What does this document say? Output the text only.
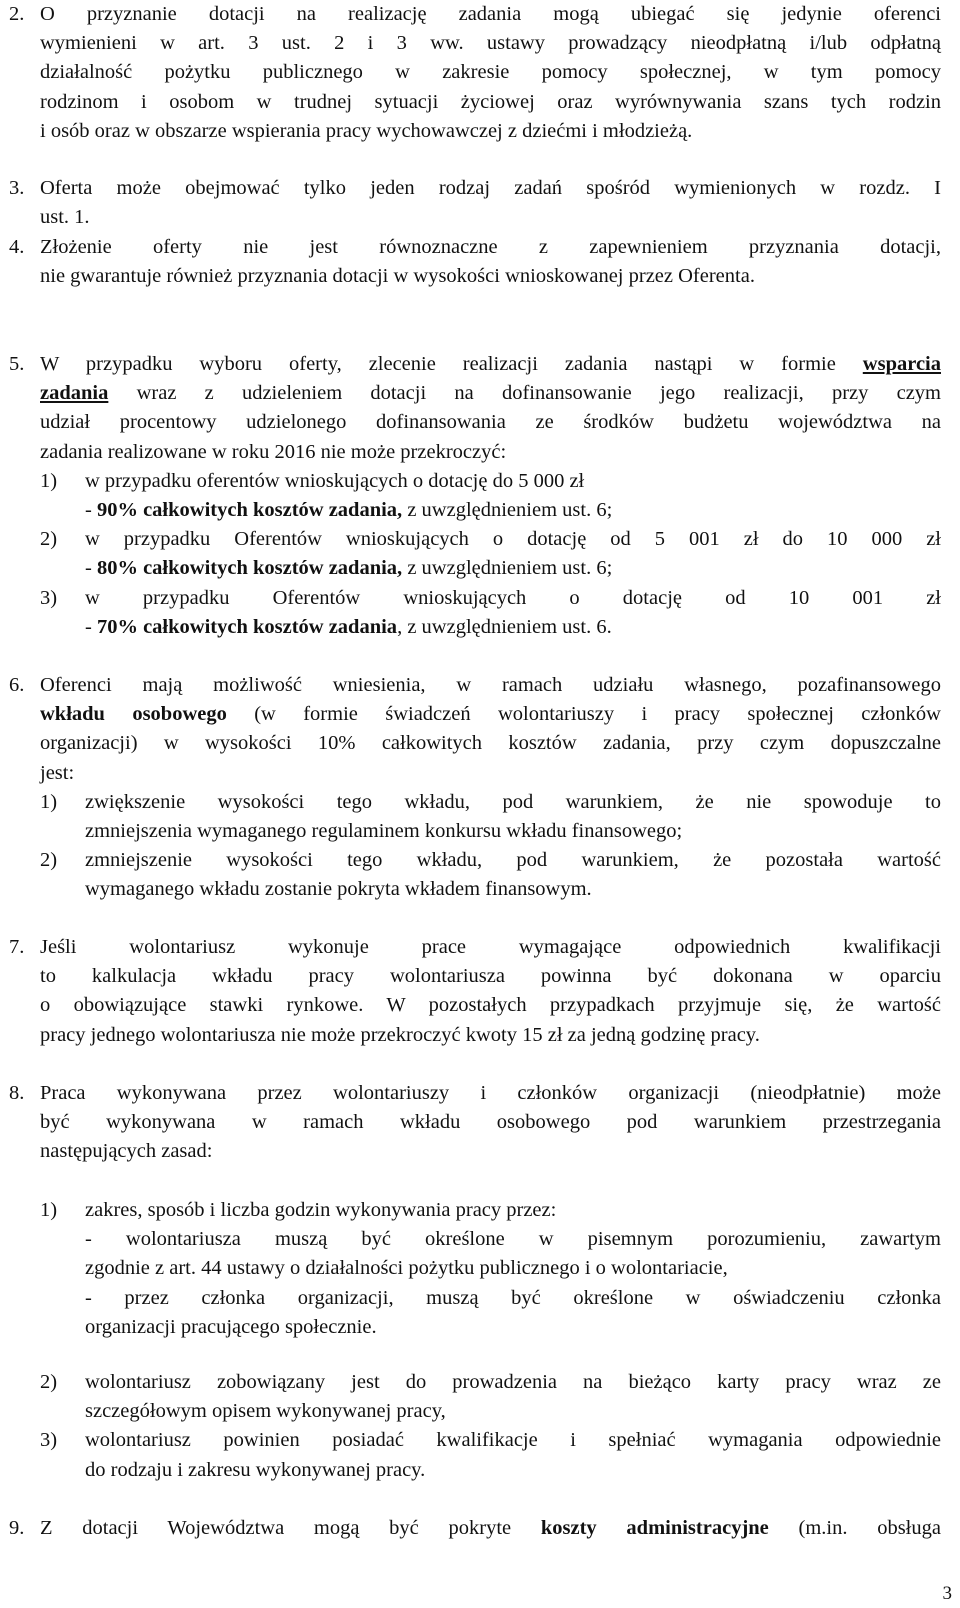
2. O przyznanie dotacji na realizację zadania mogą ubiegać się jedynie oferenci
wymienieni w art. 3 ust. 2 i 3 ww. ustawy prowadzący nieodpłatną i/lub odpłatną
działalność pożytku publicznego w zakresie pomocy społecznej, w tym pomocy
rodzinom i osobom w trudnej sytuacji życiowej oraz wyrównywania szans tych rodzin
i osób oraz w obszarze wspierania pracy wychowawczej z dziećmi i młodzieżą.
3. Oferta może obejmować tylko jeden rodzaj zadań spośród wymienionych w rozdz. I
ust. 1.
4. Złożenie oferty nie jest równoznaczne z zapewnieniem przyznania dotacji,
nie gwarantuje również przyznania dotacji w wysokości wnioskowanej przez Oferenta.
5. W przypadku wyboru oferty, zlecenie realizacji zadania nastąpi w formie wsparcia
zadania wraz z udzieleniem dotacji na dofinansowanie jego realizacji, przy czym
udział procentowy udzielonego dofinansowania ze środków budżetu województwa na
zadania realizowane w roku 2016 nie może przekroczyć:
1) w przypadku oferentów wnioskujących o dotację do 5 000 zł
- 90% całkowitych kosztów zadania, z uwzględnieniem ust. 6;
2) w przypadku Oferentów wnioskujących o dotację od 5 001 zł do 10 000 zł
- 80% całkowitych kosztów zadania, z uwzględnieniem ust. 6;
3) w przypadku Oferentów wnioskujących o dotację od 10 001 zł
- 70% całkowitych kosztów zadania, z uwzględnieniem ust. 6.
6. Oferenci mają możliwość wniesienia, w ramach udziału własnego, pozafinansowego
wkładu osobowego (w formie świadczeń wolontariuszy i pracy społecznej członków
organizacji) w wysokości 10% całkowitych kosztów zadania, przy czym dopuszczalne
jest:
1) zwiększenie wysokości tego wkładu, pod warunkiem, że nie spowoduje to
zmniejszenia wymaganego regulaminem konkursu wkładu finansowego;
2) zmniejszenie wysokości tego wkładu, pod warunkiem, że pozostała wartość
wymaganego wkładu zostanie pokryta wkładem finansowym.
7. Jeśli wolontariusz wykonuje prace wymagające odpowiednich kwalifikacji
to kalkulacja wkładu pracy wolontariusza powinna być dokonana w oparciu
o obowiązujące stawki rynkowe. W pozostałych przypadkach przyjmuje się, że wartość
pracy jednego wolontariusza nie może przekroczyć kwoty 15 zł za jedną godzinę pracy.
8. Praca wykonywana przez wolontariuszy i członków organizacji (nieodpłatnie) może
być wykonywana w ramach wkładu osobowego pod warunkiem przestrzegania
następujących zasad:
1) zakres, sposób i liczba godzin wykonywania pracy przez:
- wolontariusza muszą być określone w pisemnym porozumieniu, zawartym
zgodnie z art. 44 ustawy o działalności pożytku publicznego i o wolontariacie,
- przez członka organizacji, muszą być określone w oświadczeniu członka
organizacji pracującego społecznie.
2) wolontariusz zobowiązany jest do prowadzenia na bieżąco karty pracy wraz ze
szczegółowym opisem wykonywanej pracy,
3) wolontariusz powinien posiadać kwalifikacje i spełniać wymagania odpowiednie
do rodzaju i zakresu wykonywanej pracy.
9. Z dotacji Województwa mogą być pokryte koszty administracyjne (m.in. obsługa
3
